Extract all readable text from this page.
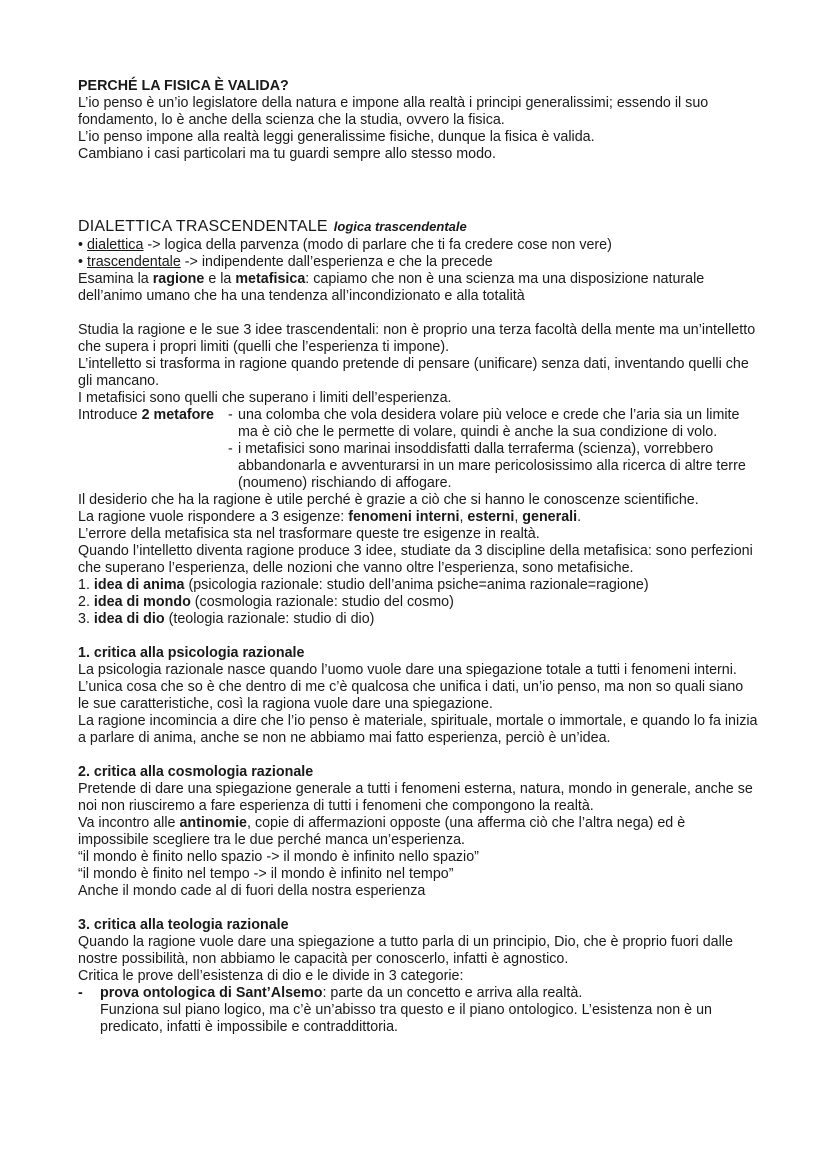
PERCHÉ LA FISICA È VALIDA?

L’io penso è un’io legislatore della natura e impone alla realtà i principi generalissimi; essendo il suo fondamento, lo è anche della scienza che la studia, ovvero la fisica.

L’io penso impone alla realtà leggi generalissime fisiche, dunque la fisica è valida.

Cambiano i casi particolari ma tu guardi sempre allo stesso modo.

DIALETTICA TRASCENDENTALE logica trascendentale

• dialettica -> logica della parvenza (modo di parlare che ti fa credere cose non vere)

• trascendentale -> indipendente dall’esperienza e che la precede

Esamina la ragione e la metafisica: capiamo che non è una scienza ma una disposizione naturale dell’animo umano che ha una tendenza all’incondizionato e alla totalità

Studia la ragione e le sue 3 idee trascendentali: non è proprio una terza facoltà della mente ma un’intelletto che supera i propri limiti (quelli che l’esperienza ti impone).

L’intelletto si trasforma in ragione quando pretende di pensare (unificare) senza dati, inventando quelli che gli mancano.

I metafisici sono quelli che superano i limiti dell’esperienza.

Introduce 2 metafore - una colomba che vola desidera volare più veloce e crede che l’aria sia un limite ma è ciò che le permette di volare, quindi è anche la sua condizione di volo.
- i metafisici sono marinai insoddisfatti dalla terraferma (scienza), vorrebbero abbandonarla e avventurarsi in un mare pericolosissimo alla ricerca di altre terre (noumeno) rischiando di affogare.

Il desiderio che ha la ragione è utile perché è grazie a ciò che si hanno le conoscenze scientifiche.

La ragione vuole rispondere a 3 esigenze: fenomeni interni, esterni, generali.

L’errore della metafisica sta nel trasformare queste tre esigenze in realtà.

Quando l’intelletto diventa ragione produce 3 idee, studiate da 3 discipline della metafisica: sono perfezioni che superano l’esperienza, delle nozioni che vanno oltre l’esperienza, sono metafisiche.

1. idea di anima (psicologia razionale: studio dell’anima psiche=anima razionale=ragione)

2. idea di mondo (cosmologia razionale: studio del cosmo)

3. idea di dio (teologia razionale: studio di dio)

1. critica alla psicologia razionale

La psicologia razionale nasce quando l’uomo vuole dare una spiegazione totale a tutti i fenomeni interni. L’unica cosa che so è che dentro di me c’è qualcosa che unifica i dati, un’io penso, ma non so quali siano le sue caratteristiche, così la ragiona vuole dare una spiegazione.

La ragione incomincia a dire che l’io penso è materiale, spirituale, mortale o immortale, e quando lo fa inizia a parlare di anima, anche se non ne abbiamo mai fatto esperienza, perciò è un’idea.

2. critica alla cosmologia razionale

Pretende di dare una spiegazione generale a tutti i fenomeni esterna, natura, mondo in generale, anche se noi non riusciremo a fare esperienza di tutti i fenomeni che compongono la realtà.

Va incontro alle antinomie, copie di affermazioni opposte (una afferma ciò che l’altra nega) ed è impossibile scegliere tra le due perché manca un’esperienza.

“il mondo è finito nello spazio -> il mondo è infinito nello spazio”

“il mondo è finito nel tempo -> il mondo è infinito nel tempo”

Anche il mondo cade al di fuori della nostra esperienza

3. critica alla teologia razionale

Quando la ragione vuole dare una spiegazione a tutto parla di un principio, Dio, che è proprio fuori dalle nostre possibilità, non abbiamo le capacità per conoscerlo, infatti è agnostico.

Critica le prove dell’esistenza di dio e le divide in 3 categorie:

-	prova ontologica di Sant’Alsemo: parte da un concetto e arriva alla realtà.

Funziona sul piano logico, ma c’è un’abisso tra questo e il piano ontologico. L’esistenza non è un predicato, infatti è impossibile e contraddittoria.
